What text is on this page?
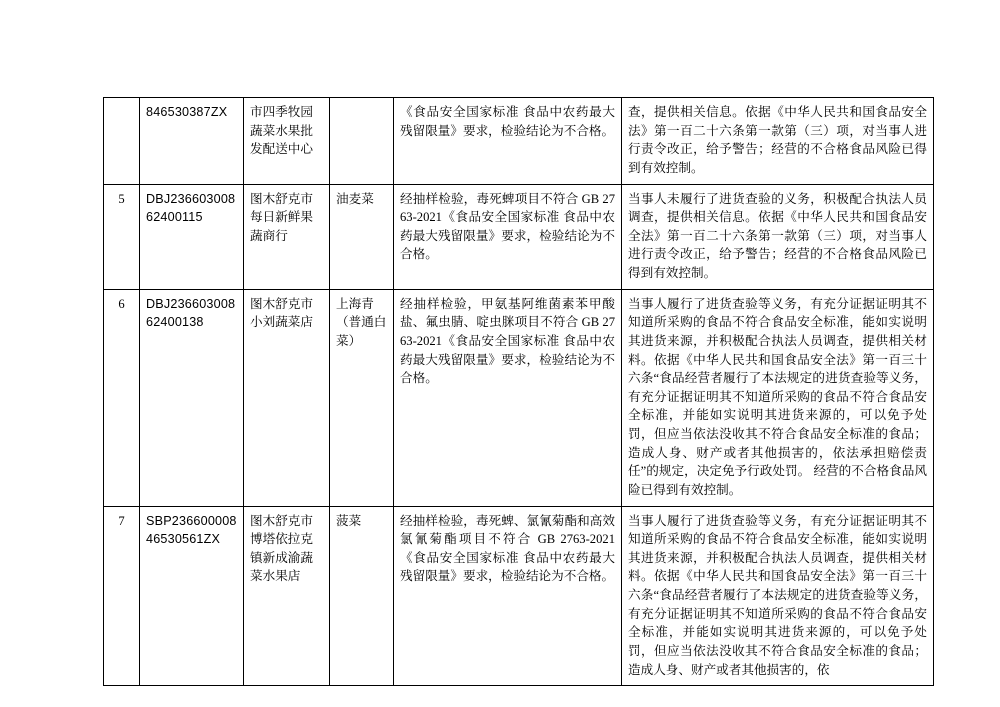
	846530387ZX	市四季牧园蔬菜水果批发配送中心		《食品安全国家标准 食品中农药最大残留限量》要求，检验结论为不合格。	查，提供相关信息。依据《中华人民共和国食品安全法》第一百二十六条第一款第（三）项，对当事人进行责令改正，给予警告；经营的不合格食品风险已得到有效控制。
5	DBJ23660300862400115	图木舒克市每日新鲜果蔬商行	油麦菜	经抽样检验，毒死蜱项目不符合 GB 2763-2021《食品安全国家标准 食品中农药最大残留限量》要求，检验结论为不合格。	当事人未履行了进货查验的义务，积极配合执法人员调查，提供相关信息。依据《中华人民共和国食品安全法》第一百二十六条第一款第（三）项，对当事人进行责令改正，给予警告；经营的不合格食品风险已得到有效控制。
6	DBJ23660300862400138	图木舒克市小刘蔬菜店	上海青（普通白菜）	经抽样检验，甲氨基阿维菌素苯甲酸盐、氟虫腈、啶虫脒项目不符合 GB 2763-2021《食品安全国家标准 食品中农药最大残留限量》要求，检验结论为不合格。	当事人履行了进货查验等义务，有充分证据证明其不知道所采购的食品不符合食品安全标准，能如实说明其进货来源，并积极配合执法人员调查，提供相关材料。依据《中华人民共和国食品安全法》第一百三十六条“食品经营者履行了本法规定的进货查验等义务，有充分证据证明其不知道所采购的食品不符合食品安全标准，并能如实说明其进货来源的，可以免予处罚，但应当依法没收其不符合食品安全标准的食品；造成人身、财产或者其他损害的，依法承担赔偿责任”的规定，决定免予行政处罚。 经营的不合格食品风险已得到有效控制。
7	SBP23660000846530561ZX	图木舒克市博塔依拉克镇新成渝蔬菜水果店	菠菜	经抽样检验，毒死蜱、氯氰菊酯和高效氯氰菊酯项目不符合 GB 2763-2021《食品安全国家标准 食品中农药最大残留限量》要求，检验结论为不合格。	当事人履行了进货查验等义务，有充分证据证明其不知道所采购的食品不符合食品安全标准，能如实说明其进货来源，并积极配合执法人员调查，提供相关材料。依据《中华人民共和国食品安全法》第一百三十六条“食品经营者履行了本法规定的进货查验等义务，有充分证据证明其不知道所采购的食品不符合食品安全标准，并能如实说明其进货来源的，可以免予处罚，但应当依法没收其不符合食品安全标准的食品；造成人身、财产或者其他损害的，依
